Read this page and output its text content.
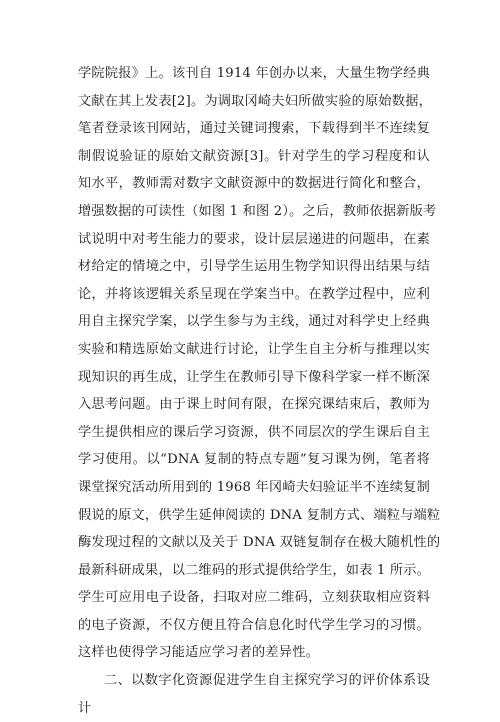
学院院报》上。该刊自 1914 年创办以来，大量生物学经典
文献在其上发表[2]。为调取冈崎夫妇所做实验的原始数据，
笔者登录该刊网站，通过关键词搜索，下载得到半不连续复
制假说验证的原始文献资源[3]。针对学生的学习程度和认
知水平，教师需对数字文献资源中的数据进行简化和整合，
增强数据的可读性（如图 1 和图 2）。之后，教师依据新版考
试说明中对考生能力的要求，设计层层递进的问题串，在素
材给定的情境之中，引导学生运用生物学知识得出结果与结
论，并将该逻辑关系呈现在学案当中。在教学过程中，应利
用自主探究学案，以学生参与为主线，通过对科学史上经典
实验和精选原始文献进行讨论，让学生自主分析与推理以实
现知识的再生成，让学生在教师引导下像科学家一样不断深
入思考问题。由于课上时间有限，在探究课结束后，教师为
学生提供相应的课后学习资源，供不同层次的学生课后自主
学习使用。以“DNA 复制的特点专题”复习课为例，笔者将
课堂探究活动所用到的 1968 年冈崎夫妇验证半不连续复制
假说的原文，供学生延伸阅读的 DNA 复制方式、端粒与端粒
酶发现过程的文献以及关于 DNA 双链复制存在极大随机性的
最新科研成果，以二维码的形式提供给学生，如表 1 所示。
学生可应用电子设备，扫取对应二维码，立刻获取相应资料
的电子资源，不仅方便且符合信息化时代学生学习的习惯。
这样也使得学习能适应学习者的差异性。
二、以数字化资源促进学生自主探究学习的评价体系设
计
